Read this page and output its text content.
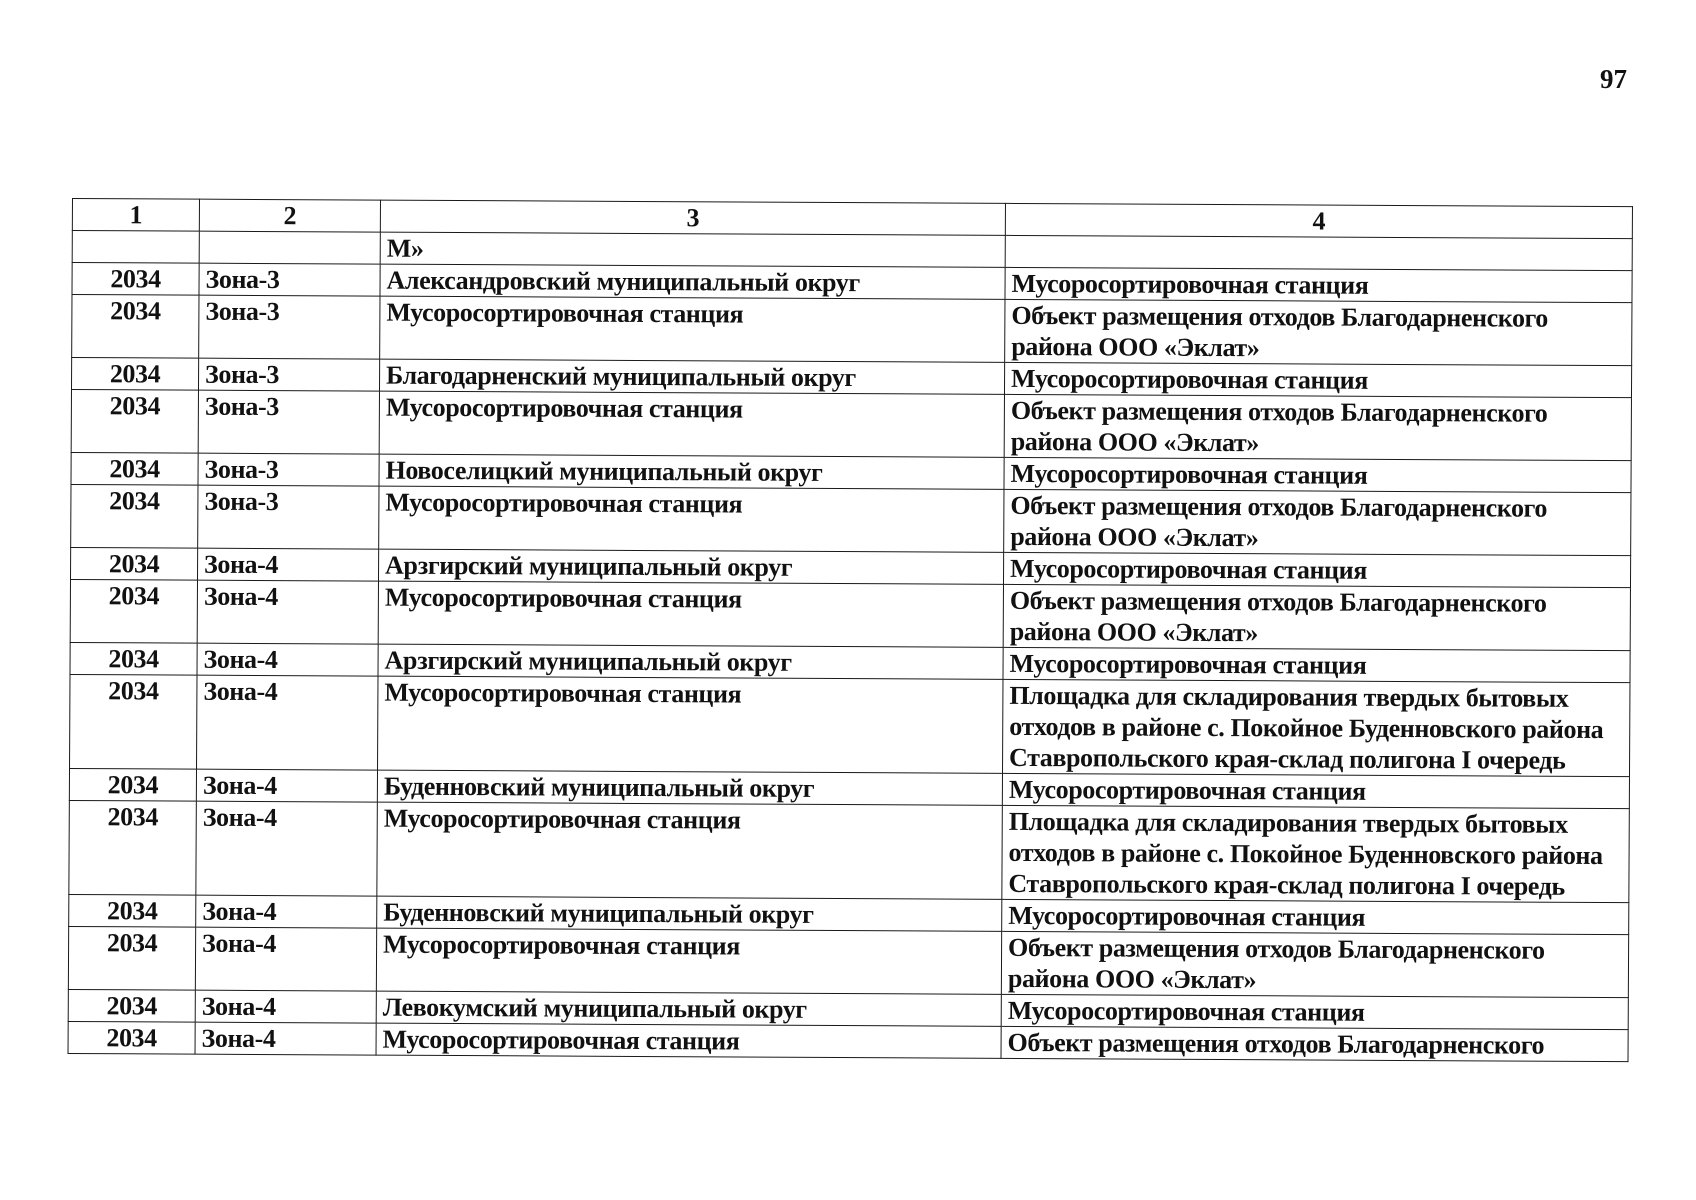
97
1	2	3	4
		М»	
2034	Зона-3	Александровский муниципальный округ	Мусоросортировочная станция
2034	Зона-3	Мусоросортировочная станция	Объект размещения отходов Благодарненского района ООО «Эклат»
2034	Зона-3	Благодарненский муниципальный округ	Мусоросортировочная станция
2034	Зона-3	Мусоросортировочная станция	Объект размещения отходов Благодарненского района ООО «Эклат»
2034	Зона-3	Новоселицкий муниципальный округ	Мусоросортировочная станция
2034	Зона-3	Мусоросортировочная станция	Объект размещения отходов Благодарненского района ООО «Эклат»
2034	Зона-4	Арзгирский муниципальный округ	Мусоросортировочная станция
2034	Зона-4	Мусоросортировочная станция	Объект размещения отходов Благодарненского района ООО «Эклат»
2034	Зона-4	Арзгирский муниципальный округ	Мусоросортировочная станция
2034	Зона-4	Мусоросортировочная станция	Площадка для складирования твердых бытовых отходов в районе с. Покойное Буденновского района Ставропольского края-склад полигона I очередь
2034	Зона-4	Буденновский муниципальный округ	Мусоросортировочная станция
2034	Зона-4	Мусоросортировочная станция	Площадка для складирования твердых бытовых отходов в районе с. Покойное Буденновского района Ставропольского края-склад полигона I очередь
2034	Зона-4	Буденновский муниципальный округ	Мусоросортировочная станция
2034	Зона-4	Мусоросортировочная станция	Объект размещения отходов Благодарненского района ООО «Эклат»
2034	Зона-4	Левокумский муниципальный округ	Мусоросортировочная станция
2034	Зона-4	Мусоросортировочная станция	Объект размещения отходов Благодарненского
